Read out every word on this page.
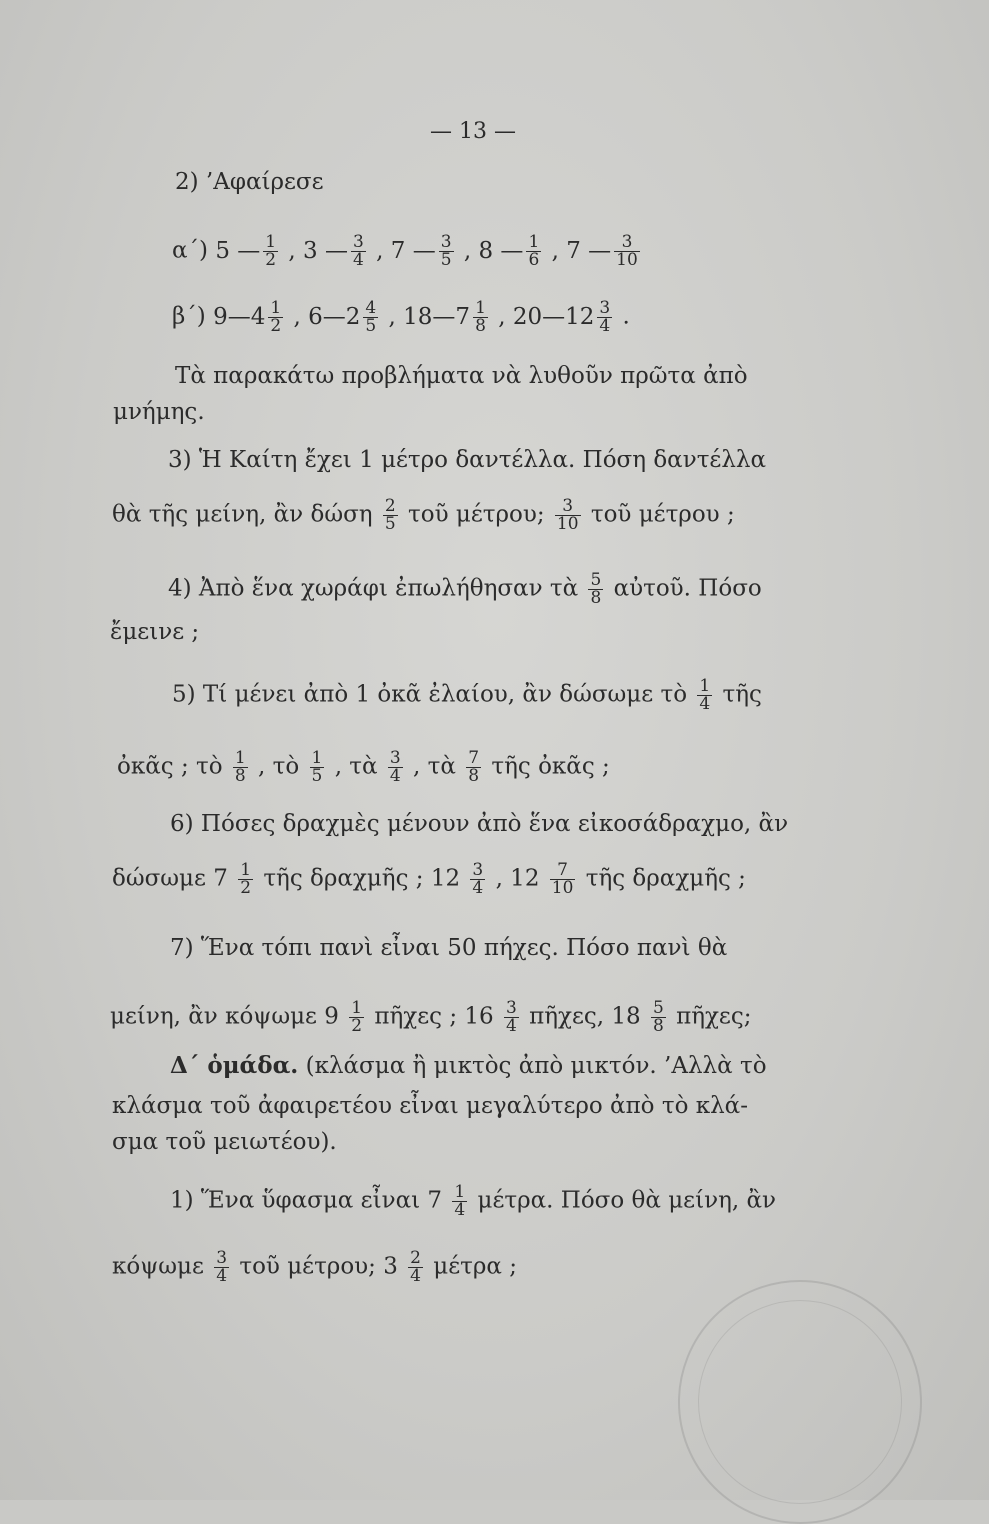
— 13 —
2) ’Αφαίρεσε
α΄) 5 — $\frac{1}{2}$ , 3 — $\frac{3}{4}$ , 7 — $\frac{3}{5}$ , 8 — $\frac{1}{6}$ , 7 — $\frac{3}{10}$
β΄) 9—4 $\frac{1}{2}$ , 6—2 $\frac{4}{5}$ , 18—7 $\frac{1}{8}$ , 20—12 $\frac{3}{4}$ .
Τὰ παρακάτω προβλήματα νὰ λυθοῦν πρῶτα ἀπὸ
μνήμης.
3) Ἡ Καίτη ἔχει 1 μέτρο δαντέλλα. Πόση δαντέλλα
θὰ τῆς μείνη, ἂν δώση $\frac{2}{5}$ τοῦ μέτρου; $\frac{3}{10}$ τοῦ μέτρου ;
4) Ἀπὸ ἕνα χωράφι ἐπωλήθησαν τὰ $\frac{5}{8}$ αὐτοῦ. Πόσο
ἔμεινε ;
5) Τί μένει ἀπὸ 1 ὀκᾶ ἐλαίου, ἂν δώσωμε τὸ $\frac{1}{4}$ τῆς
ὀκᾶς ; τὸ $\frac{1}{8}$ , τὸ $\frac{1}{5}$ , τὰ $\frac{3}{4}$ , τὰ $\frac{7}{8}$ τῆς ὀκᾶς ;
6) Πόσες δραχμὲς μένουν ἀπὸ ἕνα εἰκοσάδραχμο, ἂν
δώσωμε $7 \frac{1}{2}$ τῆς δραχμῆς ; $12 \frac{3}{4}$ , $12 \frac{7}{10}$ τῆς δραχμῆς ;
7) Ἕνα τόπι πανὶ εἶναι 50 πήχες. Πόσο πανὶ θὰ
μείνη, ἂν κόψωμε $9 \frac{1}{2}$ πῆχες ; $16 \frac{3}{4}$ πῆχες, $18 \frac{5}{8}$ πῆχες;
Δ΄ ὁμάδα. (κλάσμα ἢ μικτὸς ἀπὸ μικτόν. ’Αλλὰ τὸ
κλάσμα τοῦ ἀφαιρετέου εἶναι μεγαλύτερο ἀπὸ τὸ κλά-
σμα τοῦ μειωτέου).
1) Ἕνα ὕφασμα εἶναι $7 \frac{1}{4} \mu έ\tau\rho\alpha$. Πόσο θὰ μείνη, ἂν
κόψωμε $\frac{3}{4}$ τοῦ μέτρου; $3 \frac{2}{4}$ μέτρα ;
